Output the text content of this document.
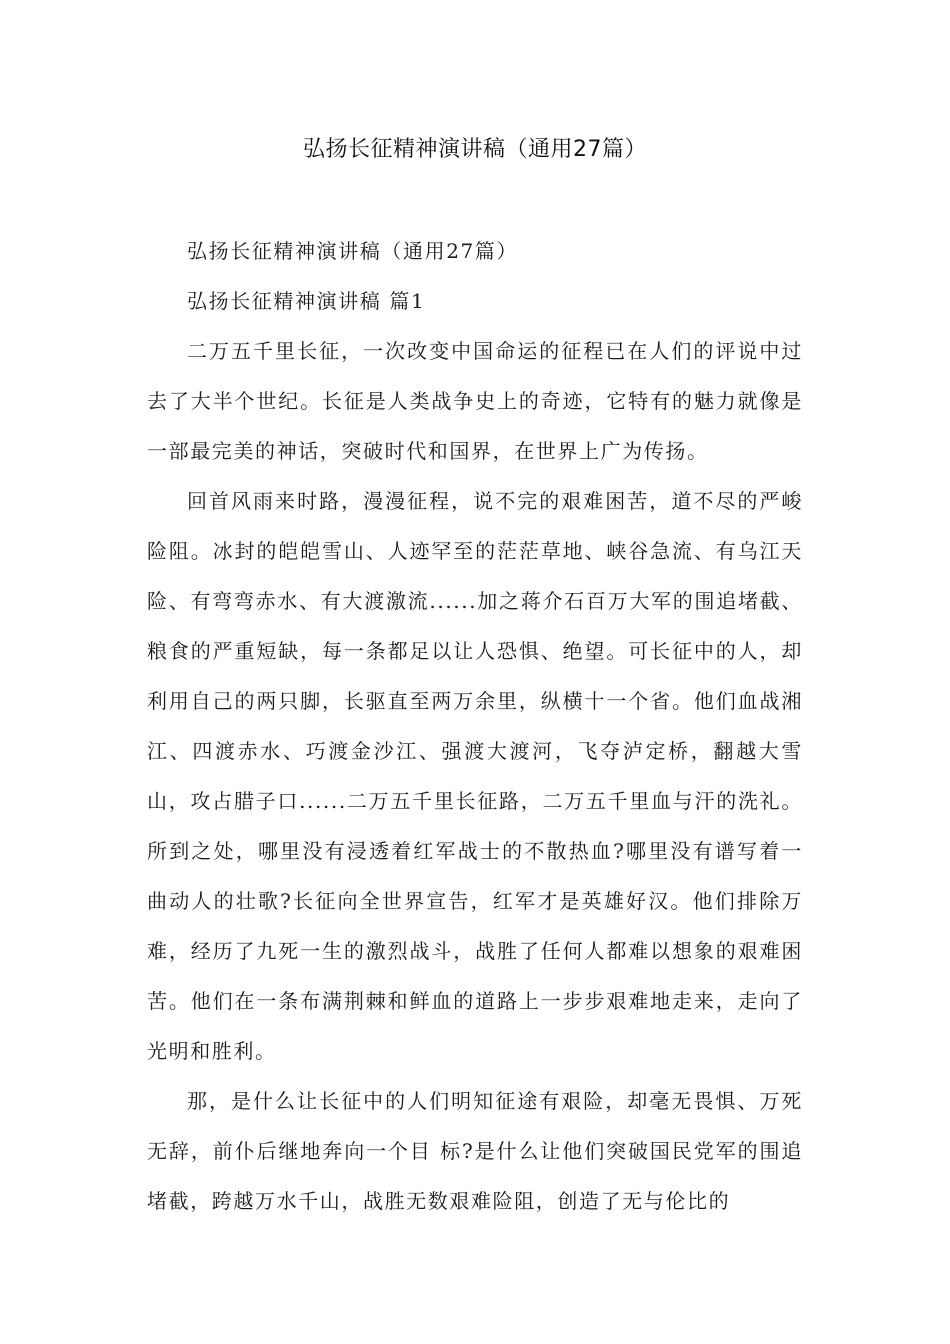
弘扬长征精神演讲稿（通用27篇）

弘扬长征精神演讲稿（通用27篇）

弘扬长征精神演讲稿 篇1

二万五千里长征，一次改变中国命运的征程已在人们的评说中过去了大半个世纪。长征是人类战争史上的奇迹，它特有的魅力就像是一部最完美的神话，突破时代和国界，在世界上广为传扬。

回首风雨来时路，漫漫征程，说不完的艰难困苦，道不尽的严峻险阻。冰封的皑皑雪山、人迹罕至的茫茫草地、峡谷急流、有乌江天险、有弯弯赤水、有大渡激流......加之蒋介石百万大军的围追堵截、粮食的严重短缺，每一条都足以让人恐惧、绝望。可长征中的人，却利用自己的两只脚，长驱直至两万余里，纵横十一个省。他们血战湘江、四渡赤水、巧渡金沙江、强渡大渡河，飞夺泸定桥，翻越大雪山，攻占腊子口......二万五千里长征路，二万五千里血与汗的洗礼。所到之处，哪里没有浸透着红军战士的不散热血?哪里没有谱写着一曲动人的壮歌?长征向全世界宣告，红军才是英雄好汉。他们排除万难，经历了九死一生的激烈战斗，战胜了任何人都难以想象的艰难困苦。他们在一条布满荆棘和鲜血的道路上一步步艰难地走来，走向了光明和胜利。

那，是什么让长征中的人们明知征途有艰险，却毫无畏惧、万死无辞，前仆后继地奔向一个目 标?是什么让他们突破国民党军的围追堵截，跨越万水千山，战胜无数艰难险阻，创造了无与伦比的
